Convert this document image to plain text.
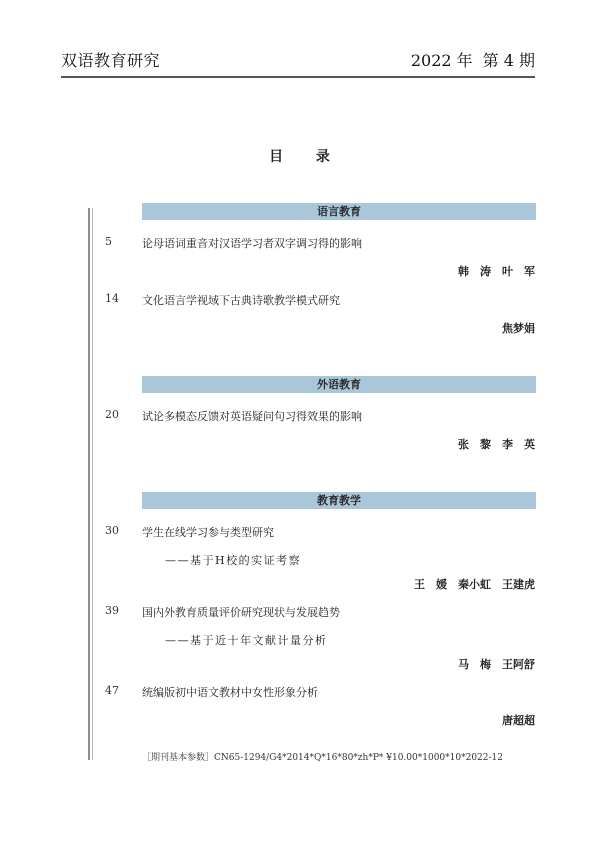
双语教育研究	2022 年 第 4 期
目 录
语言教育
5	论母语词重音对汉语学习者双字调习得的影响
韩　涛　叶　军
14 文化语言学视域下古典诗歌教学模式研究
焦梦娟
外语教育
20 试论多模态反馈对英语疑问句习得效果的影响
张　黎　李　英
教育教学
30 学生在线学习参与类型研究
——基于H校的实证考察
王　媛　秦小虹　王建虎
39 国内外教育质量评价研究现状与发展趋势
——基于近十年文献计量分析
马　梅　王阿舒
47 统编版初中语文教材中女性形象分析
唐超超
［期刊基本参数］CN65-1294/G4*2014*Q*16*80*zh*P* ¥10.00*1000*10*2022-12
